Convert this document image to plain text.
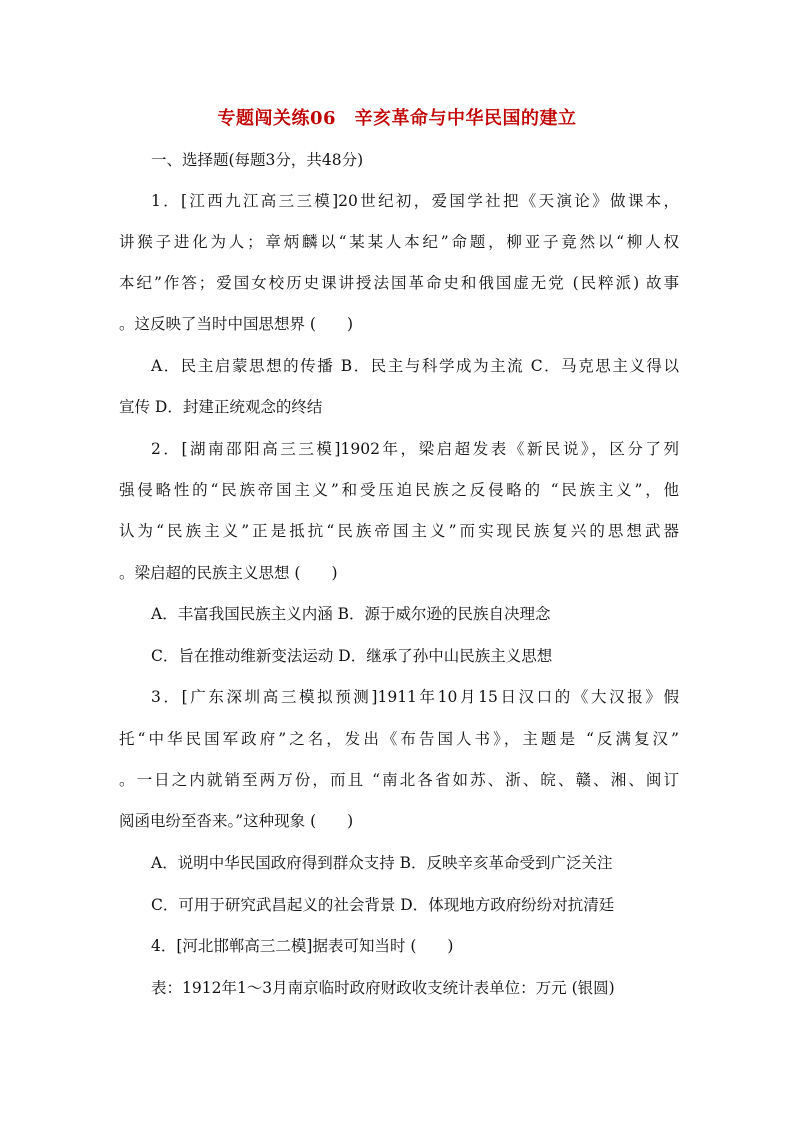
专题闯关练06　辛亥革命与中华民国的建立
一、选择题(每题3分，共48分)
1．[江西九江高三三模]20世纪初，爱国学社把《天演论》做课本，
讲猴子进化为人；章炳麟以“某某人本纪”命题，柳亚子竟然以“柳人权
本纪”作答；爱国女校历史课讲授法国革命史和俄国虚无党 (民粹派) 故事
。这反映了当时中国思想界 (　　)
A．民主启蒙思想的传播 B．民主与科学成为主流 C．马克思主义得以
宣传 D．封建正统观念的终结
2．[湖南邵阳高三三模]1902年，梁启超发表《新民说》，区分了列
强侵略性的“民族帝国主义”和受压迫民族之反侵略的 “民族主义”，他
认为“民族主义”正是抵抗“民族帝国主义”而实现民族复兴的思想武器
。梁启超的民族主义思想 (　　)
A．丰富我国民族主义内涵 B．源于威尔逊的民族自决理念
C．旨在推动维新变法运动 D．继承了孙中山民族主义思想
3．[广东深圳高三模拟预测]1911年10月15日汉口的《大汉报》假
托“中华民国军政府”之名，发出《布告国人书》，主题是 “反满复汉”
。一日之内就销至两万份，而且 “南北各省如苏、浙、皖、赣、湘、闽订
阅函电纷至沓来。”这种现象 (　　)
A．说明中华民国政府得到群众支持 B．反映辛亥革命受到广泛关注
C．可用于研究武昌起义的社会背景 D．体现地方政府纷纷对抗清廷
4．[河北邯郸高三二模]据表可知当时 (　　)
表：1912年1～3月南京临时政府财政收支统计表单位：万元 (银圆)
